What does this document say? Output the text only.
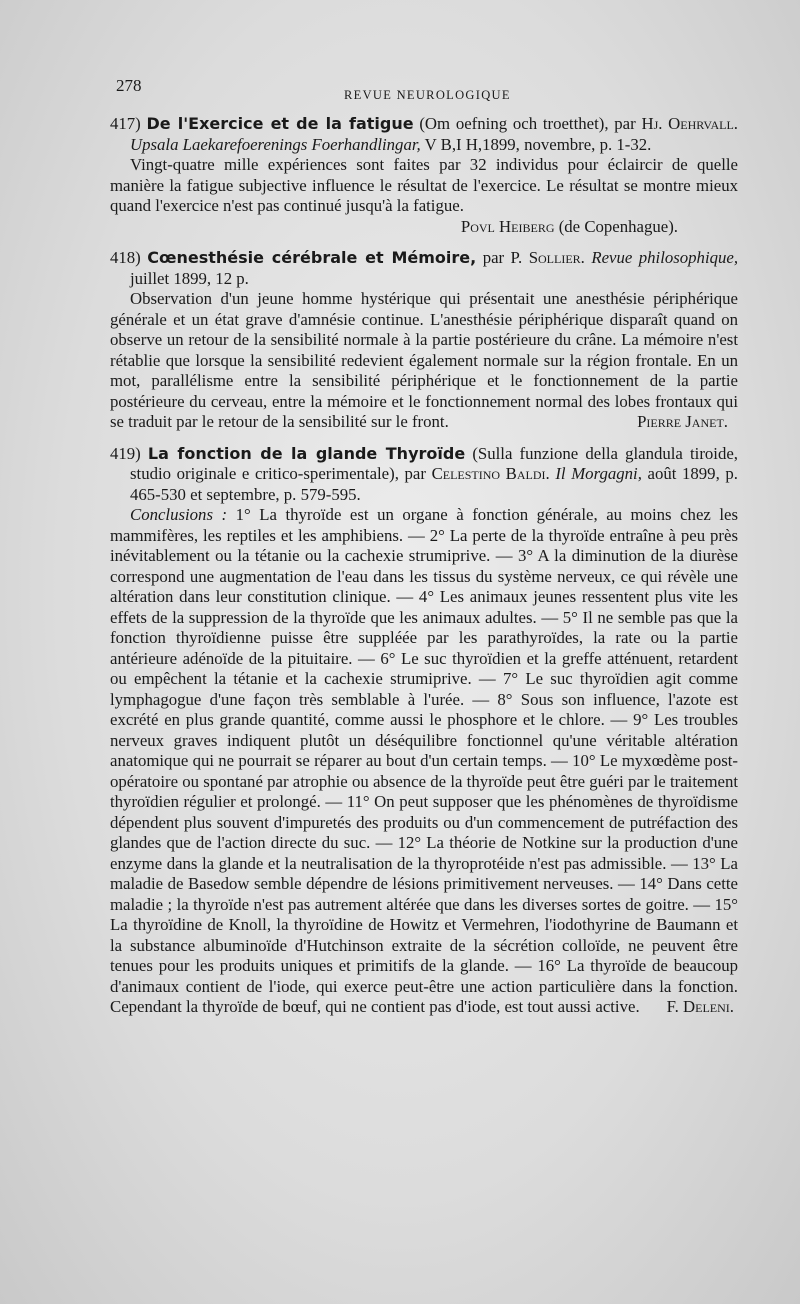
278	REVUE NEUROLOGIQUE
417) De l'Exercice et de la fatigue (Om oefning och troetthet), par Hj. Oehrvall. Upsala Laekarefoerenings Foerhandlingar, V B,I H,1899, novembre, p. 1-32.
Vingt-quatre mille expériences sont faites par 32 individus pour éclaircir de quelle manière la fatigue subjective influence le résultat de l'exercice. Le résultat se montre mieux quand l'exercice n'est pas continué jusqu'à la fatigue.
Povl Heiberg (de Copenhague).
418) Cœnesthésie cérébrale et Mémoire, par P. Sollier. Revue philosophique, juillet 1899, 12 p.
Observation d'un jeune homme hystérique qui présentait une anesthésie périphérique générale et un état grave d'amnésie continue. L'anesthésie périphérique disparaît quand on observe un retour de la sensibilité normale à la partie postérieure du crâne. La mémoire n'est rétablie que lorsque la sensibilité redevient également normale sur la région frontale. En un mot, parallélisme entre la sensibilité périphérique et le fonctionnement de la partie postérieure du cerveau, entre la mémoire et le fonctionnement normal des lobes frontaux qui se traduit par le retour de la sensibilité sur le front.	Pierre Janet.
419) La fonction de la glande Thyroïde (Sulla funzione della glandula tiroide, studio originale e critico-sperimentale), par Celestino Baldi. Il Morgagni, août 1899, p. 465-530 et septembre, p. 579-595.
Conclusions : 1° La thyroïde est un organe à fonction générale, au moins chez les mammifères, les reptiles et les amphibiens. — 2° La perte de la thyroïde entraîne à peu près inévitablement ou la tétanie ou la cachexie strumiprive. — 3° A la diminution de la diurèse correspond une augmentation de l'eau dans les tissus du système nerveux, ce qui révèle une altération dans leur constitution clinique. — 4° Les animaux jeunes ressentent plus vite les effets de la suppression de la thyroïde que les animaux adultes. — 5° Il ne semble pas que la fonction thyroïdienne puisse être suppléée par les parathyroïdes, la rate ou la partie antérieure adénoïde de la pituitaire. — 6° Le suc thyroïdien et la greffe atténuent, retardent ou empêchent la tétanie et la cachexie strumiprive. — 7° Le suc thyroïdien agit comme lymphagogue d'une façon très semblable à l'urée. — 8° Sous son influence, l'azote est excrété en plus grande quantité, comme aussi le phosphore et le chlore. — 9° Les troubles nerveux graves indiquent plutôt un déséquilibre fonctionnel qu'une véritable altération anatomique qui ne pourrait se réparer au bout d'un certain temps. — 10° Le myxœdème post-opératoire ou spontané par atrophie ou absence de la thyroïde peut être guéri par le traitement thyroïdien régulier et prolongé. — 11° On peut supposer que les phénomènes de thyroïdisme dépendent plus souvent d'impuretés des produits ou d'un commencement de putréfaction des glandes que de l'action directe du suc. — 12° La théorie de Notkine sur la production d'une enzyme dans la glande et la neutralisation de la thyroprotéide n'est pas admissible. — 13° La maladie de Basedow semble dépendre de lésions primitivement nerveuses. — 14° Dans cette maladie ; la thyroïde n'est pas autrement altérée que dans les diverses sortes de goitre. — 15° La thyroïdine de Knoll, la thyroïdine de Howitz et Vermehren, l'iodothyrine de Baumann et la substance albuminoïde d'Hutchinson extraite de la sécrétion colloïde, ne peuvent être tenues pour les produits uniques et primitifs de la glande. — 16° La thyroïde de beaucoup d'animaux contient de l'iode, qui exerce peut-être une action particulière dans la fonction. Cependant la thyroïde de bœuf, qui ne contient pas d'iode, est tout aussi active.	F. Deleni.
